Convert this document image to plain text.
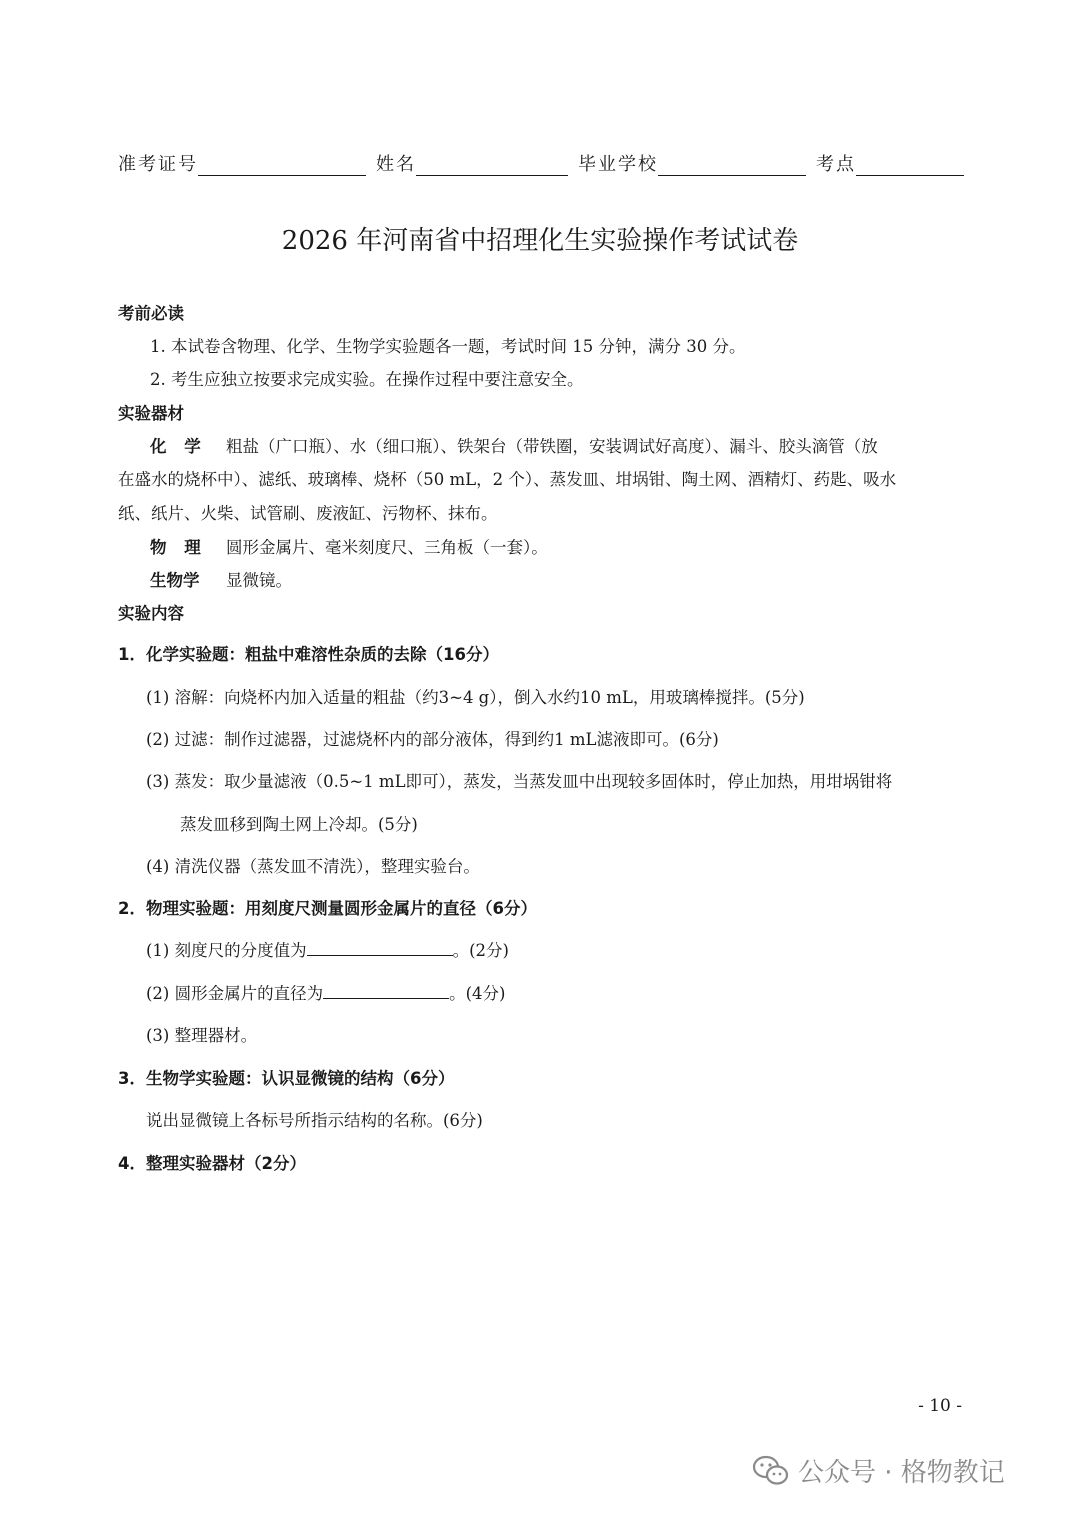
准考证号	姓名	毕业学校	考点
2026 年河南省中招理化生实验操作考试试卷
考前必读
1. 本试卷含物理、化学、生物学实验题各一题，考试时间 15 分钟，满分 30 分。
2. 考生应独立按要求完成实验。在操作过程中要注意安全。
实验器材
化 学 粗盐（广口瓶）、水（细口瓶）、铁架台（带铁圈，安装调试好高度）、漏斗、胶头滴管（放
在盛水的烧杯中）、滤纸、玻璃棒、烧杯（50 mL，2 个）、蒸发皿、坩埚钳、陶土网、酒精灯、药匙、吸水
纸、纸片、火柴、试管刷、废液缸、污物杯、抹布。
物 理 圆形金属片、毫米刻度尺、三角板（一套）。
生物学 显微镜。
实验内容
1．化学实验题：粗盐中难溶性杂质的去除（16分）
(1) 溶解：向烧杯内加入适量的粗盐（约3~4 g），倒入水约10 mL，用玻璃棒搅拌。(5分)
(2) 过滤：制作过滤器，过滤烧杯内的部分液体，得到约1 mL滤液即可。(6分)
(3) 蒸发：取少量滤液（0.5~1 mL即可），蒸发，当蒸发皿中出现较多固体时，停止加热，用坩埚钳将
蒸发皿移到陶土网上冷却。(5分)
(4) 清洗仪器（蒸发皿不清洗），整理实验台。
2．物理实验题：用刻度尺测量圆形金属片的直径（6分）
(1) 刻度尺的分度值为	。(2分)
(2) 圆形金属片的直径为	。(4分)
(3) 整理器材。
3．生物学实验题：认识显微镜的结构（6分）
说出显微镜上各标号所指示结构的名称。(6分)
4．整理实验器材（2分）
- 10 -
公众号 · 格物教记
